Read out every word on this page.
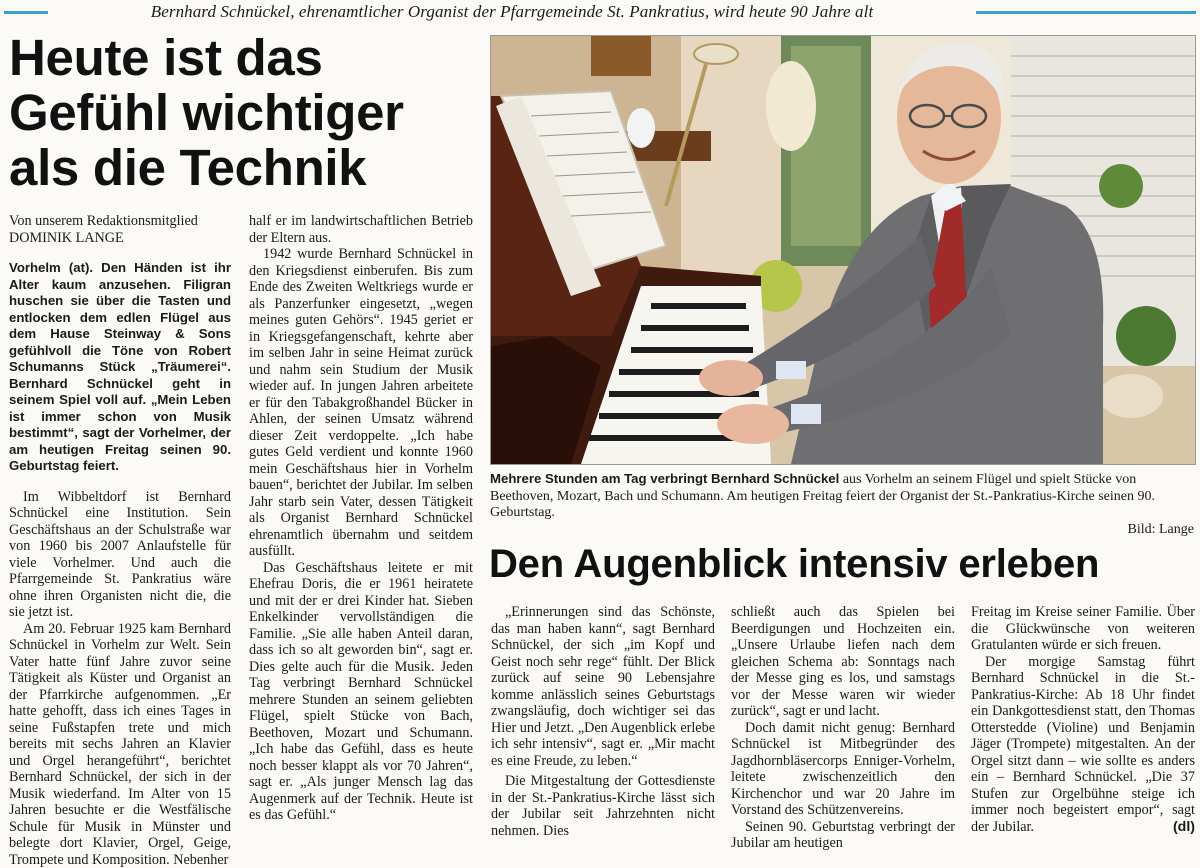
Bernhard Schnückel, ehrenamtlicher Organist der Pfarrgemeinde St. Pankratius, wird heute 90 Jahre alt
Heute ist das
Gefühl wichtiger
als die Technik

Von unserem Redaktionsmitglied
DOMINIK LANGE

Vorhelm (at). Den Händen ist ihr Alter kaum anzusehen. Filigran huschen sie über die Tasten und entlocken dem edlen Flügel aus dem Hause Steinway & Sons gefühlvoll die Töne von Robert Schumanns Stück „Träumerei“. Bernhard Schnückel geht in seinem Spiel voll auf. „Mein Leben ist immer schon von Musik bestimmt“, sagt der Vorhelmer, der am heutigen Freitag seinen 90. Geburtstag feiert.

Im Wibbeltdorf ist Bernhard Schnückel eine Institution. Sein Geschäftshaus an der Schulstraße war von 1960 bis 2007 Anlaufstelle für viele Vorhelmer. Und auch die Pfarrgemeinde St. Pankratius wäre ohne ihren Organisten nicht die, die sie jetzt ist.

Am 20. Februar 1925 kam Bernhard Schnückel in Vorhelm zur Welt. Sein Vater hatte fünf Jahre zuvor seine Tätigkeit als Küster und Organist an der Pfarrkirche aufgenommen. „Er hatte gehofft, dass ich eines Tages in seine Fußstapfen trete und mich bereits mit sechs Jahren an Klavier und Orgel herangeführt“, berichtet Bernhard Schnückel, der sich in der Musik wiederfand. Im Alter von 15 Jahren besuchte er die Westfälische Schule für Musik in Münster und belegte dort Klavier, Orgel, Geige, Trompete und Komposition. Nebenher

half er im landwirtschaftlichen Betrieb der Eltern aus.

1942 wurde Bernhard Schnückel in den Kriegsdienst einberufen. Bis zum Ende des Zweiten Weltkriegs wurde er als Panzerfunker eingesetzt, „wegen meines guten Gehörs“. 1945 geriet er in Kriegsgefangenschaft, kehrte aber im selben Jahr in seine Heimat zurück und nahm sein Studium der Musik wieder auf. In jungen Jahren arbeitete er für den Tabakgroßhandel Bücker in Ahlen, der seinen Umsatz während dieser Zeit verdoppelte. „Ich habe gutes Geld verdient und konnte 1960 mein Geschäftshaus hier in Vorhelm bauen“, berichtet der Jubilar. Im selben Jahr starb sein Vater, dessen Tätigkeit als Organist Bernhard Schnückel ehrenamtlich übernahm und seitdem ausfüllt.

Das Geschäftshaus leitete er mit Ehefrau Doris, die er 1961 heiratete und mit der er drei Kinder hat. Sieben Enkelkinder vervollständigen die Familie. „Sie alle haben Anteil daran, dass ich so alt geworden bin“, sagt er. Dies gelte auch für die Musik. Jeden Tag verbringt Bernhard Schnückel mehrere Stunden an seinem geliebten Flügel, spielt Stücke von Bach, Beethoven, Mozart und Schumann. „Ich habe das Gefühl, dass es heute noch besser klappt als vor 70 Jahren“, sagt er. „Als junger Mensch lag das Augenmerk auf der Technik. Heute ist es das Gefühl.“

Mehrere Stunden am Tag verbringt Bernhard Schnückel aus Vorhelm an seinem Flügel und spielt Stücke von Beethoven, Mozart, Bach und Schumann. Am heutigen Freitag feiert der Organist der St.-Pankratius-Kirche seinen 90. Geburtstag.
Bild: Lange
Den Augenblick intensiv erleben

„Erinnerungen sind das Schönste, das man haben kann“, sagt Bernhard Schnückel, der sich „im Kopf und Geist noch sehr rege“ fühlt. Der Blick zurück auf seine 90 Lebensjahre komme anlässlich seines Geburtstags zwangsläufig, doch wichtiger sei das Hier und Jetzt. „Den Augenblick erlebe ich sehr intensiv“, sagt er. „Mir macht es eine Freude, zu leben.“

Die Mitgestaltung der Gottesdienste in der St.-Pankratius-Kirche lässt sich der Jubilar seit Jahrzehnten nicht nehmen. Dies

schließt auch das Spielen bei Beerdigungen und Hochzeiten ein. „Unsere Urlaube liefen nach dem gleichen Schema ab: Sonntags nach der Messe ging es los, und samstags vor der Messe waren wir wieder zurück“, sagt er und lacht.

Doch damit nicht genug: Bernhard Schnückel ist Mitbegründer des Jagdhornbläsercorps Enniger-Vorhelm, leitete zwischenzeitlich den Kirchenchor und war 20 Jahre im Vorstand des Schützenvereins.

Seinen 90. Geburtstag verbringt der Jubilar am heutigen

Freitag im Kreise seiner Familie. Über die Glückwünsche von weiteren Gratulanten würde er sich freuen.

Der morgige Samstag führt Bernhard Schnückel in die St.-Pankratius-Kirche: Ab 18 Uhr findet ein Dankgottesdienst statt, den Thomas Otterstedde (Violine) und Benjamin Jäger (Trompete) mitgestalten. An der Orgel sitzt dann – wie sollte es anders ein – Bernhard Schnückel. „Die 37 Stufen zur Orgelbühne steige ich immer noch begeistert empor“, sagt der Jubilar.	(dl)
